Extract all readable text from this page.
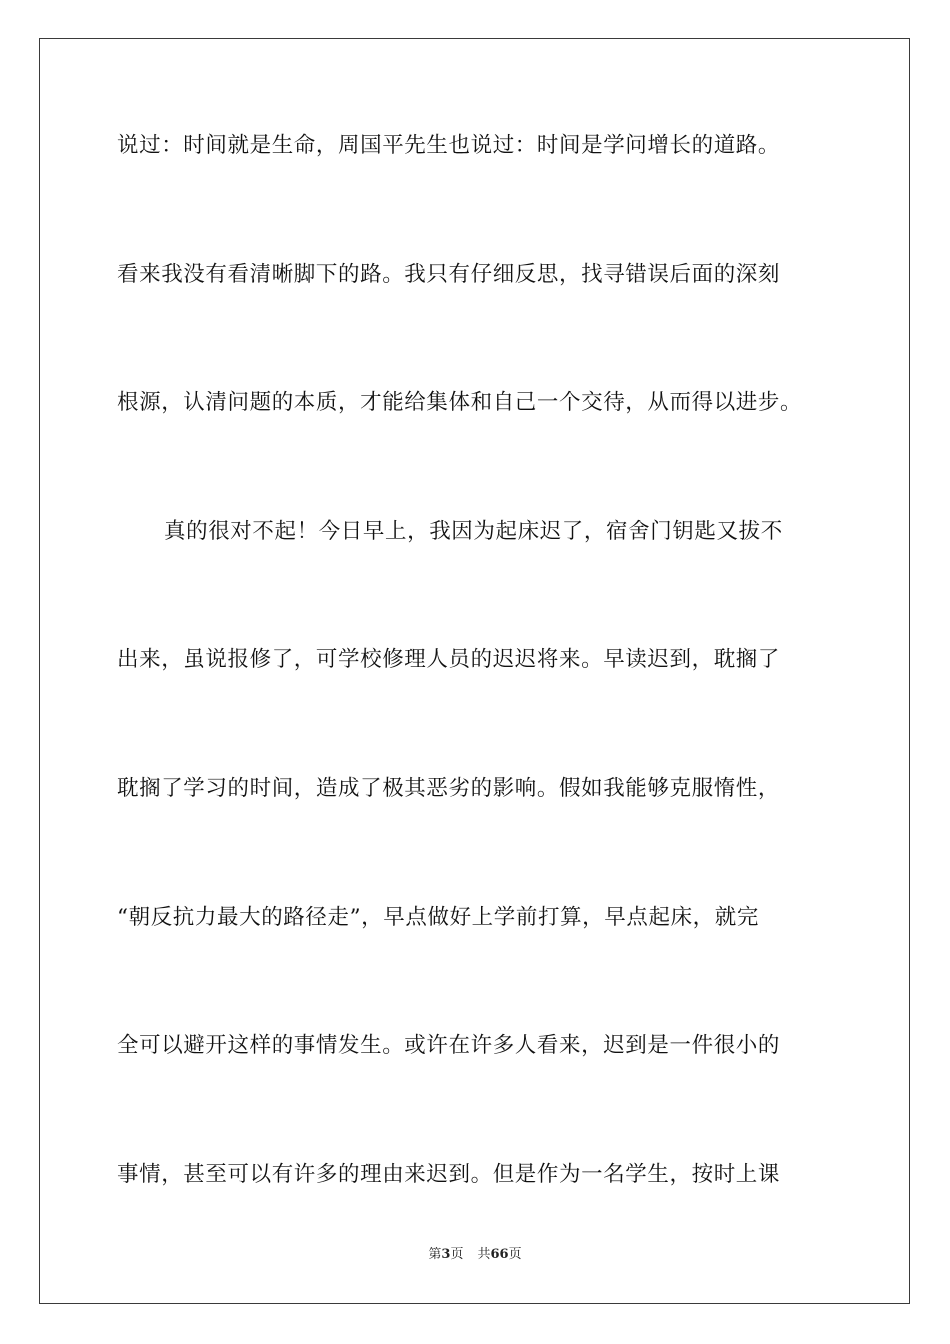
说过：时间就是生命，周国平先生也说过：时间是学问增长的道路。
看来我没有看清晰脚下的路。我只有仔细反思，找寻错误后面的深刻
根源，认清问题的本质，才能给集体和自己一个交待，从而得以进步。
真的很对不起！今日早上，我因为起床迟了，宿舍门钥匙又拔不
出来，虽说报修了，可学校修理人员的迟迟将来。早读迟到，耽搁了
耽搁了学习的时间，造成了极其恶劣的影响。假如我能够克服惰性，
“朝反抗力最大的路径走”，早点做好上学前打算，早点起床，就完
全可以避开这样的事情发生。或许在许多人看来，迟到是一件很小的
事情，甚至可以有许多的理由来迟到。但是作为一名学生，按时上课
第3页 共66页
